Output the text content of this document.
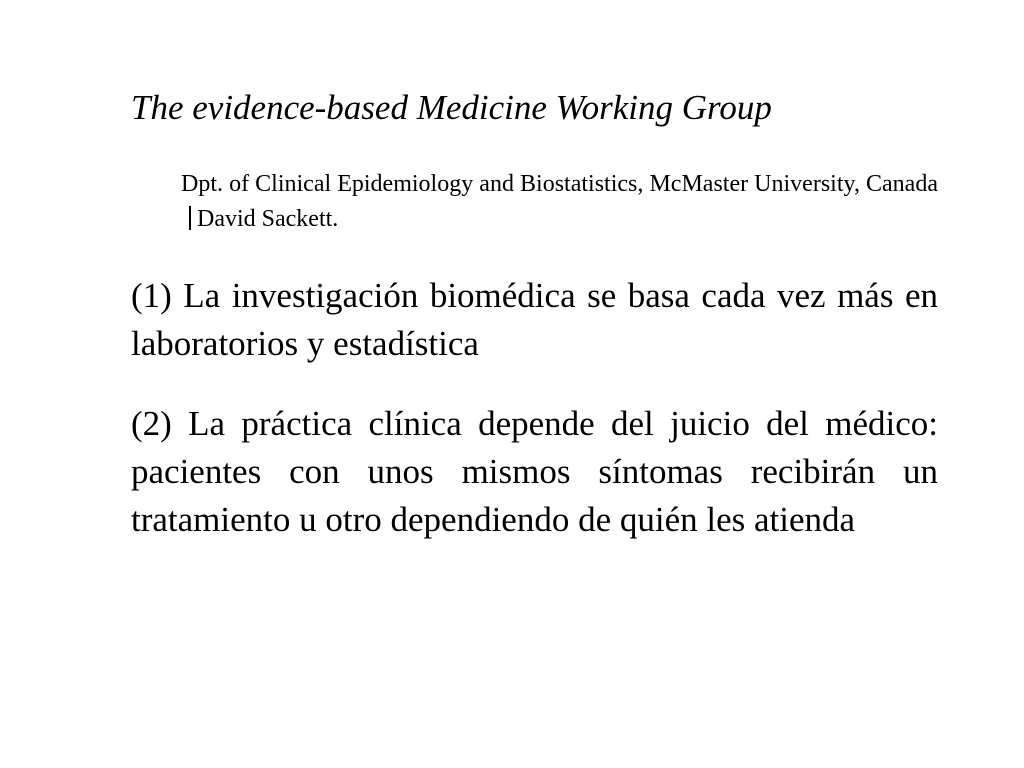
The evidence-based Medicine Working Group

Dpt. of Clinical Epidemiology and Biostatistics, McMaster University, CanadaDavid Sackett.

(1) La investigación biomédica se basa cada vez más en laboratorios y estadística

(2) La práctica clínica depende del juicio del médico: pacientes con unos mismos síntomas recibirán un tratamiento u otro dependiendo de quién les atienda
